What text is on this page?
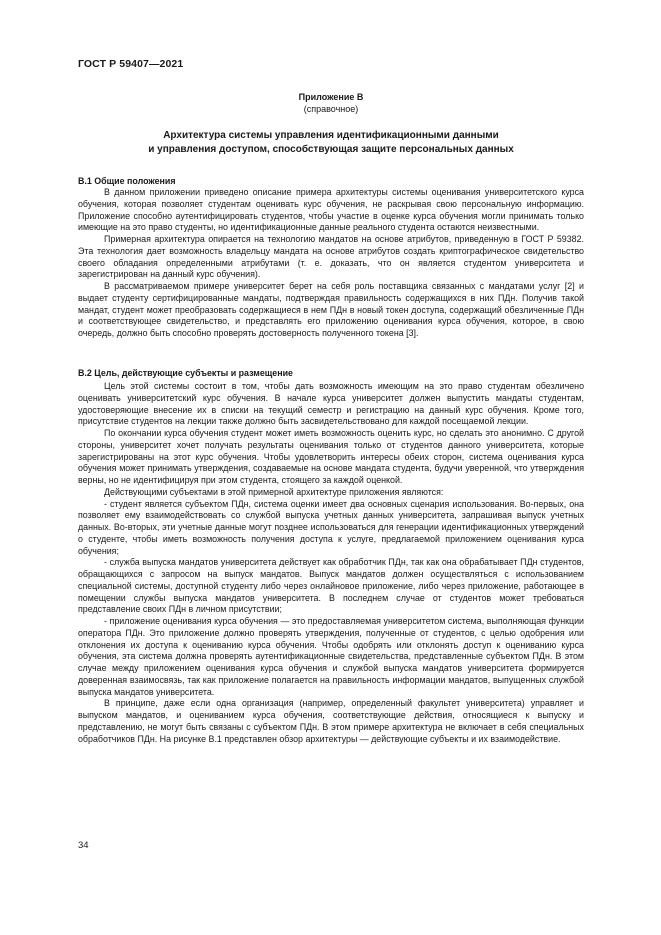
ГОСТ Р 59407—2021
Приложение В
(справочное)
Архитектура системы управления идентификационными данными
и управления доступом, способствующая защите персональных данных
В.1 Общие положения

В данном приложении приведено описание примера архитектуры системы оценивания университетского курса обучения, которая позволяет студентам оценивать курс обучения, не раскрывая свою персональную информацию. Приложение способно аутентифицировать студентов, чтобы участие в оценке курса обучения могли принимать только имеющие на это право студенты, но идентификационные данные реального студента остаются неизвестными.

Примерная архитектура опирается на технологию мандатов на основе атрибутов, приведенную в ГОСТ Р 59382. Эта технология дает возможность владельцу мандата на основе атрибутов создать криптографическое свидетельство своего обладания определенными атрибутами (т. е. доказать, что он является студентом университета и зарегистрирован на данный курс обучения).

В рассматриваемом примере университет берет на себя роль поставщика связанных с мандатами услуг [2] и выдает студенту сертифицированные мандаты, подтверждая правильность содержащихся в них ПДн. Получив такой мандат, студент может преобразовать содержащиеся в нем ПДн в новый токен доступа, содержащий обезличенные ПДн и соответствующее свидетельство, и представлять его приложению оценивания курса обучения, которое, в свою очередь, должно быть способно проверять достоверность полученного токена [3].

В.2 Цель, действующие субъекты и размещение

Цель этой системы состоит в том, чтобы дать возможность имеющим на это право студентам обезличено оценивать университетский курс обучения. В начале курса университет должен выпустить мандаты студентам, удостоверяющие внесение их в списки на текущий семестр и регистрацию на данный курс обучения. Кроме того, присутствие студентов на лекции также должно быть засвидетельствовано для каждой посещаемой лекции.

По окончании курса обучения студент может иметь возможность оценить курс, но сделать это анонимно. С другой стороны, университет хочет получать результаты оценивания только от студентов данного университета, которые зарегистрированы на этот курс обучения. Чтобы удовлетворить интересы обеих сторон, система оценивания курса обучения может принимать утверждения, создаваемые на основе мандата студента, будучи уверенной, что утверждения верны, но не идентифицируя при этом студента, стоящего за каждой оценкой.

Действующими субъектами в этой примерной архитектуре приложения являются:

- студент является субъектом ПДн, система оценки имеет два основных сценария использования. Во-первых, она позволяет ему взаимодействовать со службой выпуска учетных данных университета, запрашивая выпуск учетных данных. Во-вторых, эти учетные данные могут позднее использоваться для генерации идентификационных утверждений о студенте, чтобы иметь возможность получения доступа к услуге, предлагаемой приложением оценивания курса обучения;

- служба выпуска мандатов университета действует как обработчик ПДн, так как она обрабатывает ПДн студентов, обращающихся с запросом на выпуск мандатов. Выпуск мандатов должен осуществляться с использованием специальной системы, доступной студенту либо через онлайновое приложение, либо через приложение, работающее в помещении службы выпуска мандатов университета. В последнем случае от студентов может требоваться представление своих ПДн в личном присутствии;

- приложение оценивания курса обучения — это предоставляемая университетом система, выполняющая функции оператора ПДн. Это приложение должно проверять утверждения, полученные от студентов, с целью одобрения или отклонения их доступа к оцениванию курса обучения. Чтобы одобрять или отклонять доступ к оцениванию курса обучения, эта система должна проверять аутентификационные свидетельства, представленные субъектом ПДн. В этом случае между приложением оценивания курса обучения и службой выпуска мандатов университета формируется доверенная взаимосвязь, так как приложение полагается на правильность информации мандатов, выпущенных службой выпуска мандатов университета.

В принципе, даже если одна организация (например, определенный факультет университета) управляет и выпуском мандатов, и оцениванием курса обучения, соответствующие действия, относящиеся к выпуску и представлению, не могут быть связаны с субъектом ПДн. В этом примере архитектура не включает в себя специальных обработчиков ПДн. На рисунке В.1 представлен обзор архитектуры — действующие субъекты и их взаимодействие.

34
